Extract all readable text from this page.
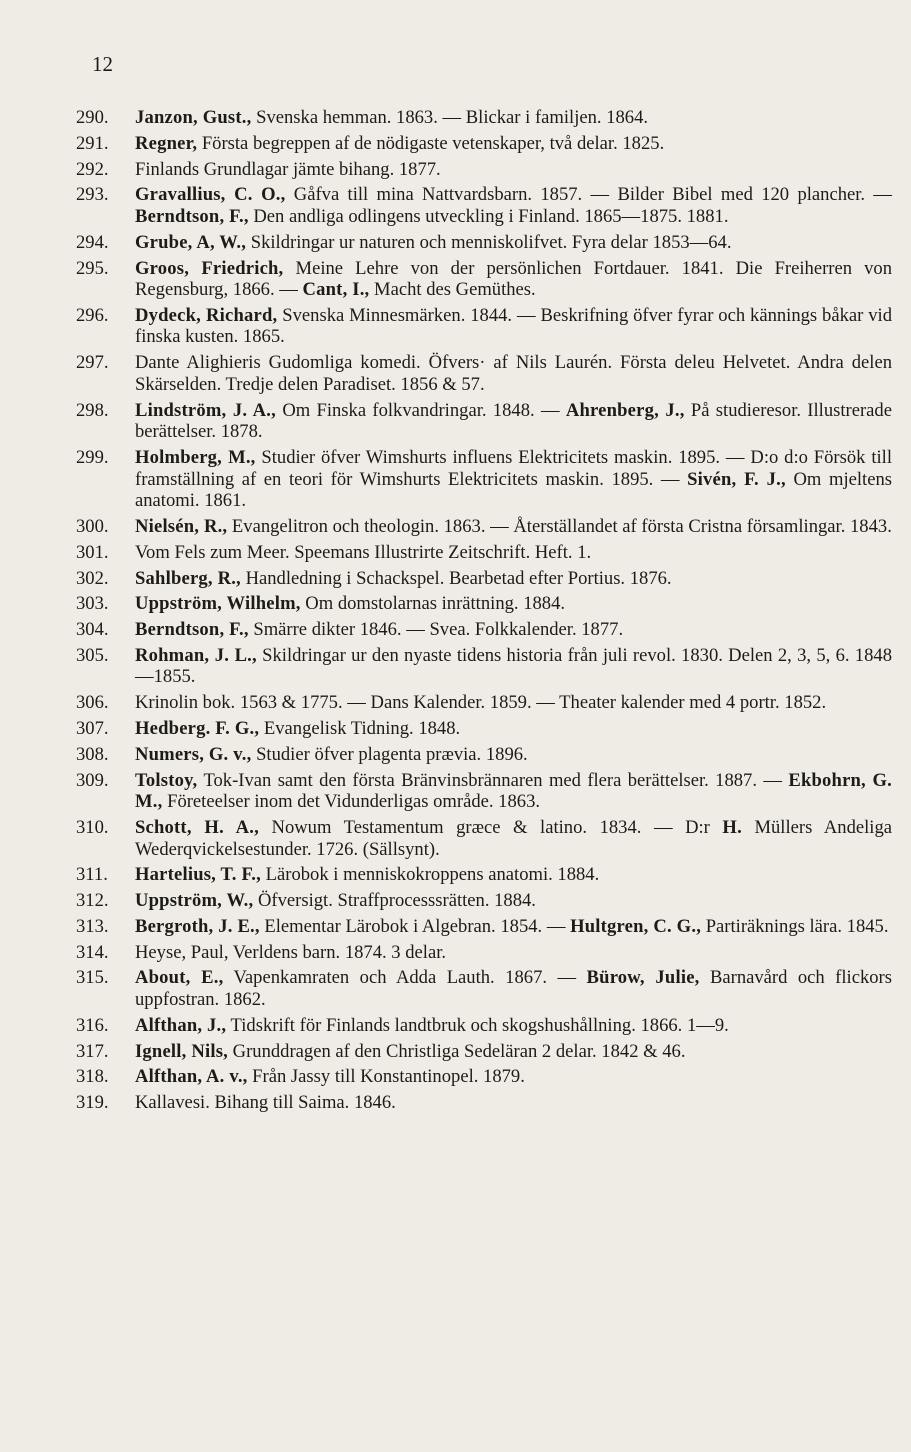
12
290.	Janzon, Gust., Svenska hemman. 1863. — Blickar i familjen. 1864.
291.	Regner, Första begreppen af de nödigaste vetenskaper, två delar. 1825.
292.	Finlands Grundlagar jämte bihang. 1877.
293.	Gravallius, C. O., Gåfva till mina Nattvardsbarn. 1857. — Bilder Bibel med 120 plancher. — Berndtson, F., Den andliga odlingens utveckling i Finland. 1865—1875. 1881.
294.	Grube, A, W., Skildringar ur naturen och menniskolifvet. Fyra delar 1853—64.
295.	Groos, Friedrich, Meine Lehre von der persönlichen Fortdauer. 1841. Die Freiherren von Regensburg, 1866. — Cant, I., Macht des Gemüthes.
296.	Dydeck, Richard, Svenska Minnesmärken. 1844. — Beskrifning öfver fyrar och kännings båkar vid finska kusten. 1865.
297.	Dante Alighieris Gudomliga komedi. Öfvers· af Nils Laurén. Första deleu Helvetet. Andra delen Skärselden. Tredje delen Paradiset. 1856 & 57.
298.	Lindström, J. A., Om Finska folkvandringar. 1848. — Ahrenberg, J., På studieresor. Illustrerade berättelser. 1878.
299.	Holmberg, M., Studier öfver Wimshurts influens Elektricitets maskin. 1895. — D:o d:o Försök till framställning af en teori för Wimshurts Elektricitets maskin. 1895. — Sivén, F. J., Om mjeltens anatomi. 1861.
300.	Nielsén, R., Evangelitron och theologin. 1863. — Återställandet af första Cristna församlingar. 1843.
301.	Vom Fels zum Meer. Speemans Illustrirte Zeitschrift. Heft. 1.
302.	Sahlberg, R., Handledning i Schackspel. Bearbetad efter Portius. 1876.
303.	Uppström, Wilhelm, Om domstolarnas inrättning. 1884.
304.	Berndtson, F., Smärre dikter 1846. — Svea. Folkkalender. 1877.
305.	Rohman, J. L., Skildringar ur den nyaste tidens historia från juli revol. 1830. Delen 2, 3, 5, 6. 1848—1855.
306.	Krinolin bok. 1563 & 1775. — Dans Kalender. 1859. — Theater kalender med 4 portr. 1852.
307.	Hedberg. F. G., Evangelisk Tidning. 1848.
308.	Numers, G. v., Studier öfver plagenta prævia. 1896.
309.	Tolstoy, Tok-Ivan samt den första Bränvinsbrännaren med flera berättelser. 1887. — Ekbohrn, G. M., Företeelser inom det Vidunderligas område. 1863.
310.	Schott, H. A., Nowum Testamentum græce & latino. 1834. — D:r H. Müllers Andeliga Wederqvickelsestunder. 1726. (Sällsynt).
311.	Hartelius, T. F., Lärobok i menniskokroppens anatomi. 1884.
312.	Uppström, W., Öfversigt. Straffprocesssrätten. 1884.
313.	Bergroth, J. E., Elementar Lärobok i Algebran. 1854. — Hultgren, C. G., Partiräknings lära. 1845.
314.	Heyse, Paul, Verldens barn. 1874. 3 delar.
315.	About, E., Vapenkamraten och Adda Lauth. 1867. — Bürow, Julie, Barnavård och flickors uppfostran. 1862.
316.	Alfthan, J., Tidskrift för Finlands landtbruk och skogshushållning. 1866. 1—9.
317.	Ignell, Nils, Grunddragen af den Christliga Sedeläran 2 delar. 1842 & 46.
318.	Alfthan, A. v., Från Jassy till Konstantinopel. 1879.
319.	Kallavesi. Bihang till Saima. 1846.
